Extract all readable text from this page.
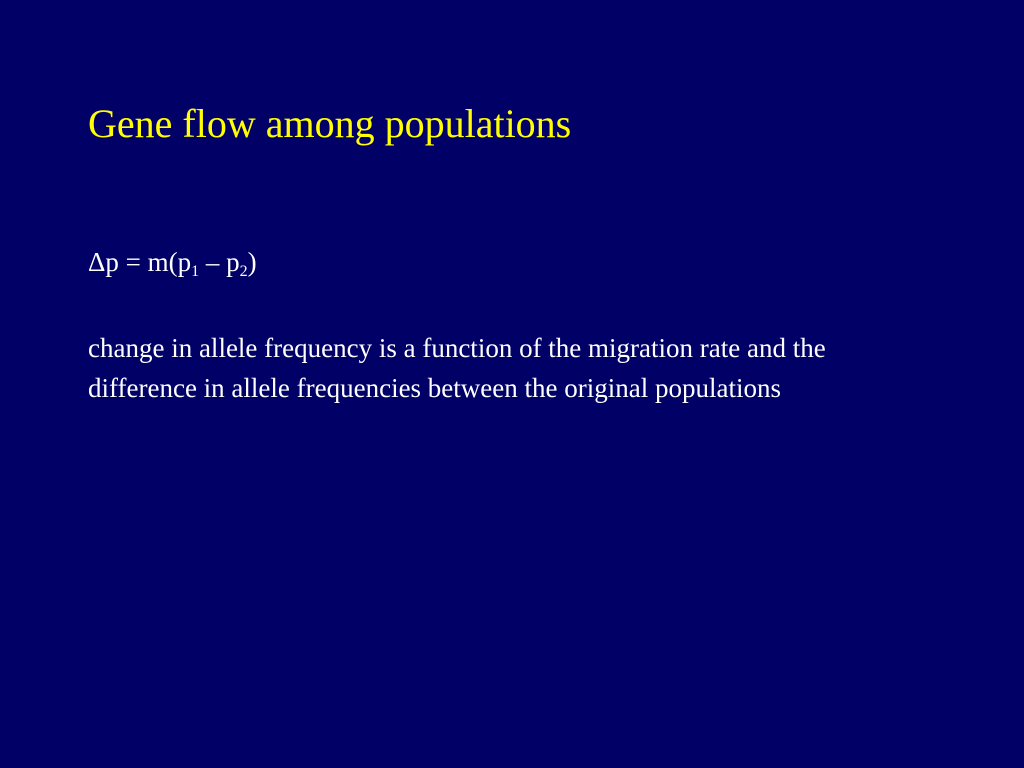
Gene flow among populations
$\Delta p = m(p_1 - p_2)$

change in allele frequency is a function of the migration rate and the difference in allele frequencies between the original populations
